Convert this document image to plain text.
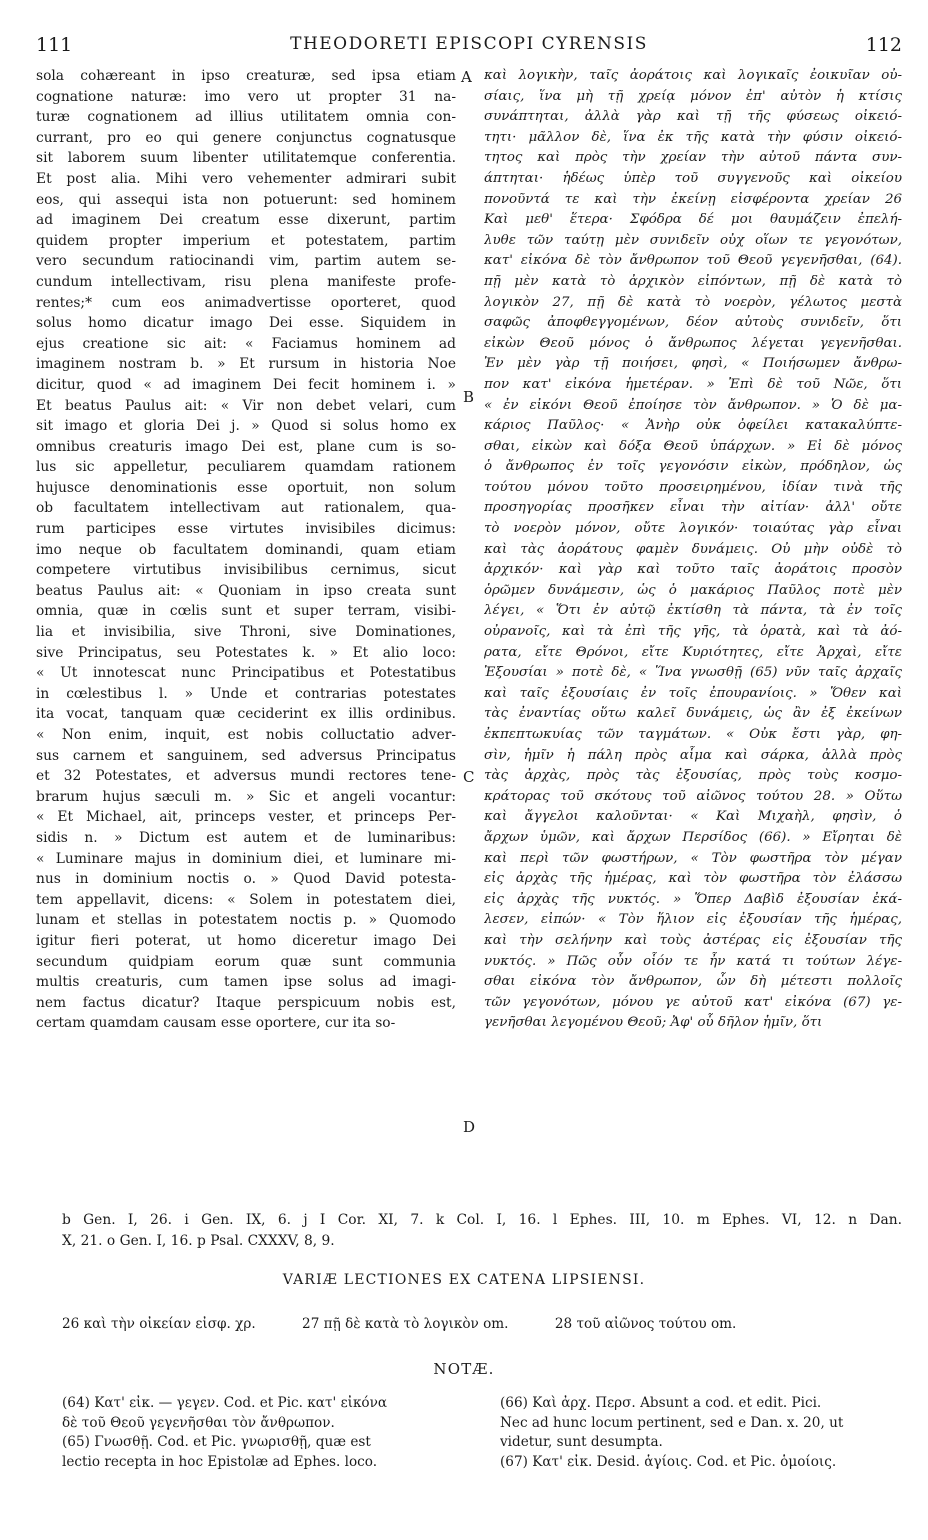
111	THEODORETI EPISCOPI CYRENSIS	112
sola cohæreant in ipso creaturæ, sed ipsa etiam
cognatione naturæ: imo vero ut propter 31 na-
turæ cognationem ad illius utilitatem omnia con-
currant, pro eo qui genere conjunctus cognatusque
sit laborem suum libenter utilitatemque conferentia.
Et post alia. Mihi vero vehementer admirari subit
eos, qui assequi ista non potuerunt: sed hominem
ad imaginem Dei creatum esse dixerunt, partim
quidem propter imperium et potestatem, partim
vero secundum ratiocinandi vim, partim autem se-
cundum intellectivam, risu plena manifeste profe-
rentes;* cum eos animadvertisse oporteret, quod
solus homo dicatur imago Dei esse. Siquidem in
ejus creatione sic ait: « Faciamus hominem ad
imaginem nostram b. » Et rursum in historia Noe
dicitur, quod « ad imaginem Dei fecit hominem i. »
Et beatus Paulus ait: « Vir non debet velari, cum
sit imago et gloria Dei j. » Quod si solus homo ex
omnibus creaturis imago Dei est, plane cum is so-
lus sic appelletur, peculiarem quamdam rationem
hujusce denominationis esse oportuit, non solum
ob facultatem intellectivam aut rationalem, qua-
rum participes esse virtutes invisibiles dicimus:
imo neque ob facultatem dominandi, quam etiam
competere virtutibus invisibilibus cernimus, sicut
beatus Paulus ait: « Quoniam in ipso creata sunt
omnia, quæ in cœlis sunt et super terram, visibi-
lia et invisibilia, sive Throni, sive Dominationes,
sive Principatus, seu Potestates k. » Et alio loco:
« Ut innotescat nunc Principatibus et Potestatibus
in cœlestibus l. » Unde et contrarias potestates
ita vocat, tanquam quæ ceciderint ex illis ordinibus.
« Non enim, inquit, est nobis colluctatio adver-
sus carnem et sanguinem, sed adversus Principatus
et 32 Potestates, et adversus mundi rectores tene-
brarum hujus sæculi m. » Sic et angeli vocantur:
« Et Michael, ait, princeps vester, et princeps Per-
sidis n. » Dictum est autem et de luminaribus:
« Luminare majus in dominium diei, et luminare mi-
nus in dominium noctis o. » Quod David potesta-
tem appellavit, dicens: « Solem in potestatem diei,
lunam et stellas in potestatem noctis p. » Quomodo
igitur fieri poterat, ut homo diceretur imago Dei
secundum quidpiam eorum quæ sunt communia
multis creaturis, cum tamen ipse solus ad imagi-
nem factus dicatur? Itaque perspicuum nobis est,
certam quamdam causam esse oportere, cur ita so-
A
B
C
D
καὶ λογικὴν, ταῖς ἀοράτοις καὶ λογικαῖς ἐοικυῖαν οὐ-
σίαις, ἵνα μὴ τῇ χρείᾳ μόνον ἐπ' αὐτὸν ἡ κτίσις
συνάπτηται, ἀλλὰ γὰρ καὶ τῇ τῆς φύσεως οἰκειό-
τητι· μᾶλλον δὲ, ἵνα ἐκ τῆς κατὰ τὴν φύσιν οἰκειό-
τητος καὶ πρὸς τὴν χρείαν τὴν αὐτοῦ πάντα συν-
άπτηται· ἡδέως ὑπὲρ τοῦ συγγενοῦς καὶ οἰκείου
πονοῦντά τε καὶ τὴν ἐκείνῃ εἰσφέροντα χρείαν 26
Καὶ μεθ' ἕτερα· Σφόδρα δέ μοι θαυμάζειν ἐπελή-
λυθε τῶν ταύτῃ μὲν συνιδεῖν οὐχ οἵων τε γεγονότων,
κατ' εἰκόνα δὲ τὸν ἄνθρωπον τοῦ Θεοῦ γεγενῆσθαι, (64).
πῇ μὲν κατὰ τὸ ἀρχικὸν εἰπόντων, πῇ δὲ κατὰ τὸ
λογικὸν 27, πῇ δὲ κατὰ τὸ νοερὸν, γέλωτος μεστὰ
σαφῶς ἀποφθεγγομένων, δέον αὐτοὺς συνιδεῖν, ὅτι
εἰκὼν Θεοῦ μόνος ὁ ἄνθρωπος λέγεται γεγενῆσθαι.
Ἐν μὲν γὰρ τῇ ποιήσει, φησὶ, « Ποιήσωμεν ἄνθρω-
πον κατ' εἰκόνα ἡμετέραν. » Ἐπὶ δὲ τοῦ Νῶε, ὅτι
« ἐν εἰκόνι Θεοῦ ἐποίησε τὸν ἄνθρωπον. » Ὁ δὲ μα-
κάριος Παῦλος· « Ἀνὴρ οὐκ ὀφείλει κατακαλύπτε-
σθαι, εἰκὼν καὶ δόξα Θεοῦ ὑπάρχων. » Εἰ δὲ μόνος
ὁ ἄνθρωπος ἐν τοῖς γεγονόσιν εἰκὼν, πρόδηλον, ὡς
τούτου μόνου τοῦτο προσειρημένου, ἰδίαν τινὰ τῆς
προσηγορίας προσῆκεν εἶναι τὴν αἰτίαν· ἀλλ' οὔτε
τὸ νοερὸν μόνον, οὔτε λογικόν· τοιαύτας γὰρ εἶναι
καὶ τὰς ἀοράτους φαμὲν δυνάμεις. Οὐ μὴν οὐδὲ τὸ
ἀρχικόν· καὶ γὰρ καὶ τοῦτο ταῖς ἀοράτοις προσὸν
ὁρῶμεν δυνάμεσιν, ὡς ὁ μακάριος Παῦλος ποτὲ μὲν
λέγει, « Ὅτι ἐν αὐτῷ ἐκτίσθη τὰ πάντα, τὰ ἐν τοῖς
οὐρανοῖς, καὶ τὰ ἐπὶ τῆς γῆς, τὰ ὁρατὰ, καὶ τὰ ἀό-
ρατα, εἴτε Θρόνοι, εἴτε Κυριότητες, εἴτε Ἀρχαὶ, εἴτε
Ἐξουσίαι » ποτὲ δὲ, « Ἵνα γνωσθῇ (65) νῦν ταῖς ἀρχαῖς
καὶ ταῖς ἐξουσίαις ἐν τοῖς ἐπουρανίοις. » Ὅθεν καὶ
τὰς ἐναντίας οὕτω καλεῖ δυνάμεις, ὡς ἂν ἐξ ἐκείνων
ἐκπεπτωκυίας τῶν ταγμάτων. « Οὐκ ἔστι γὰρ, φη-
σὶν, ἡμῖν ἡ πάλη πρὸς αἷμα καὶ σάρκα, ἀλλὰ πρὸς
τὰς ἀρχὰς, πρὸς τὰς ἐξουσίας, πρὸς τοὺς κοσμο-
κράτορας τοῦ σκότους τοῦ αἰῶνος τούτου 28. » Οὕτω
καὶ ἄγγελοι καλοῦνται· « Καὶ Μιχαὴλ, φησὶν, ὁ
ἄρχων ὑμῶν, καὶ ἄρχων Περσίδος (66). » Εἴρηται δὲ
καὶ περὶ τῶν φωστήρων, « Τὸν φωστῆρα τὸν μέγαν
εἰς ἀρχὰς τῆς ἡμέρας, καὶ τὸν φωστῆρα τὸν ἐλάσσω
εἰς ἀρχὰς τῆς νυκτός. » Ὅπερ Δαβὶδ ἐξουσίαν ἐκά-
λεσεν, εἰπών· « Τὸν ἥλιον εἰς ἐξουσίαν τῆς ἡμέρας,
καὶ τὴν σελήνην καὶ τοὺς ἀστέρας εἰς ἐξουσίαν τῆς
νυκτός. » Πῶς οὖν οἷόν τε ἦν κατά τι τούτων λέγε-
σθαι εἰκόνα τὸν ἄνθρωπον, ὧν δὴ μέτεστι πολλοῖς
τῶν γεγονότων, μόνου γε αὐτοῦ κατ' εἰκόνα (67) γε-
γενῆσθαι λεγομένου Θεοῦ; Ἀφ' οὗ δῆλον ἡμῖν, ὅτι
b Gen. I, 26. i Gen. IX, 6. j I Cor. XI, 7. k Col. I, 16. l Ephes. III, 10. m Ephes. VI, 12. n Dan.
X, 21. o Gen. I, 16. p Psal. CXXXV, 8, 9.
VARIÆ LECTIONES EX CATENA LIPSIENSI.
26 καὶ τὴν οἰκείαν εἰσφ. χρ.	27 πῇ δὲ κατὰ τὸ λογικὸν om.	28 τοῦ αἰῶνος τούτου om.
NOTÆ.
(64) Κατ' εἰκ. — γεγεν. Cod. et Pic. κατ' εἰκόνα
δὲ τοῦ Θεοῦ γεγενῆσθαι τὸν ἄνθρωπον.
(65) Γνωσθῇ. Cod. et Pic. γνωρισθῇ, quæ est
lectio recepta in hoc Epistolæ ad Ephes. loco.
(66) Καὶ ἀρχ. Περσ. Absunt a cod. et edit. Pici.
Nec ad hunc locum pertinent, sed e Dan. x. 20, ut
videtur, sunt desumpta.
(67) Κατ' εἰκ. Desid. ἁγίοις. Cod. et Pic. ὁμοίοις.
